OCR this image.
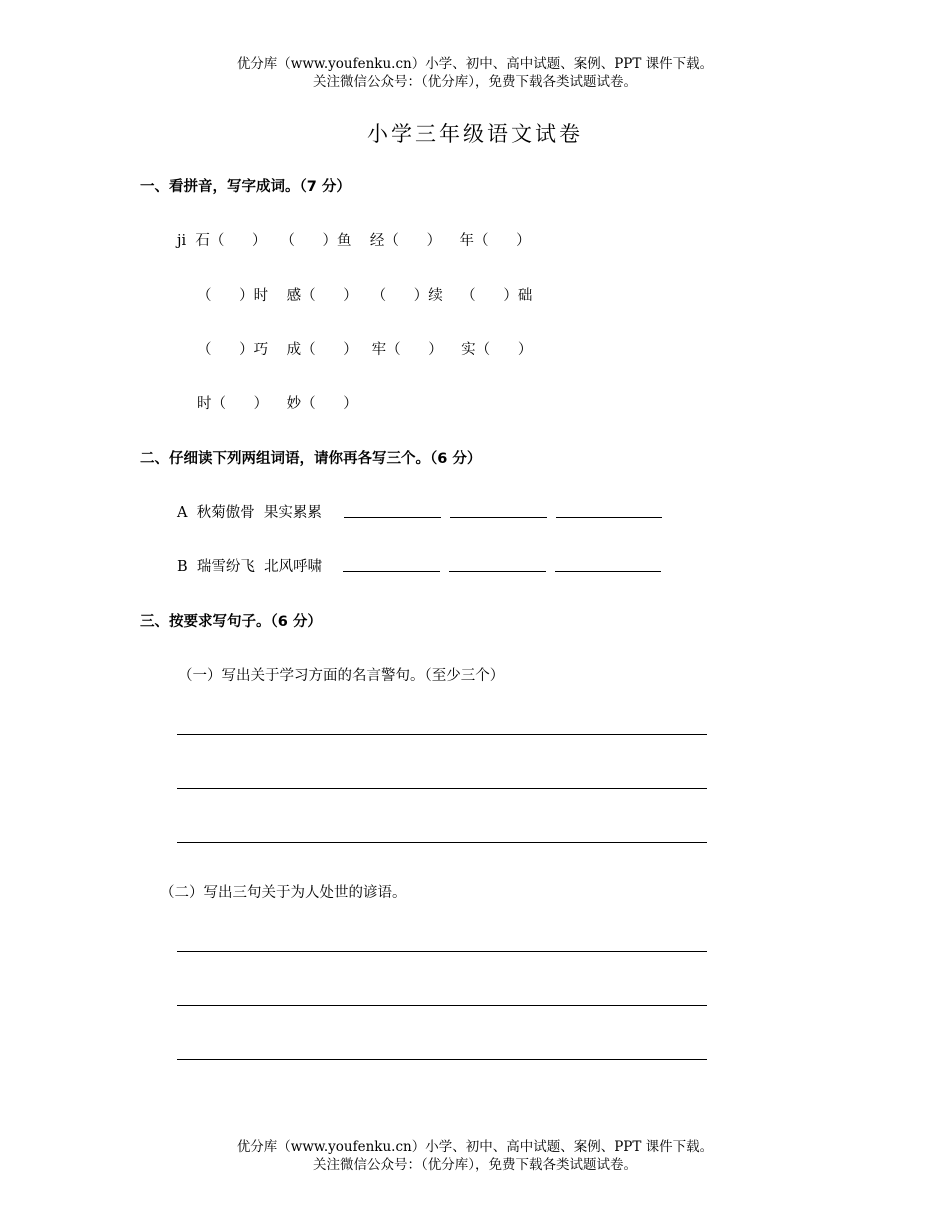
优分库（www.youfenku.cn）小学、初中、高中试题、案例、PPT 课件下载。
关注微信公众号：（优分库），免费下载各类试题试卷。
小学三年级语文试卷
一、看拼音，写字成词。（7 分）
ji  石（      ）   （      ）鱼    经（      ）    年（      ）
（      ）时    感（      ）   （      ）续    （      ）础
（      ）巧    成（      ）   牢（      ）    实（      ）
时（      ）    妙（      ）
二、仔细读下列两组词语，请你再各写三个。（6 分）
A  秋菊傲骨  果实累累
B  瑞雪纷飞  北风呼啸
三、按要求写句子。（6 分）
（一）写出关于学习方面的名言警句。（至少三个）
（二）写出三句关于为人处世的谚语。
优分库（www.youfenku.cn）小学、初中、高中试题、案例、PPT 课件下载。
关注微信公众号：（优分库），免费下载各类试题试卷。
